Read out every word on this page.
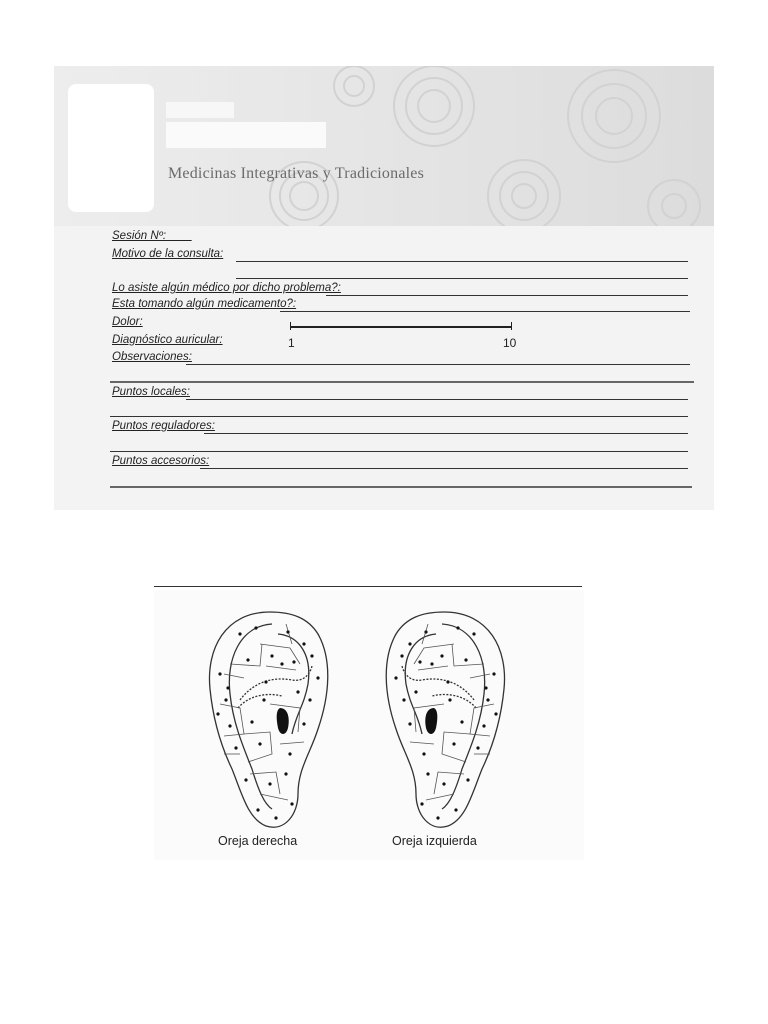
Medicinas Integrativas y Tradicionales
Sesión Nº:____
Motivo de la consulta:
Lo asiste algún médico por dicho problema?:
Esta tomando algún medicamento?:
Dolor:
Diagnóstico auricular:	1	10
Observaciones:
Puntos locales:
Puntos reguladores:
Puntos accesorios:
Oreja derecha	Oreja izquierda
